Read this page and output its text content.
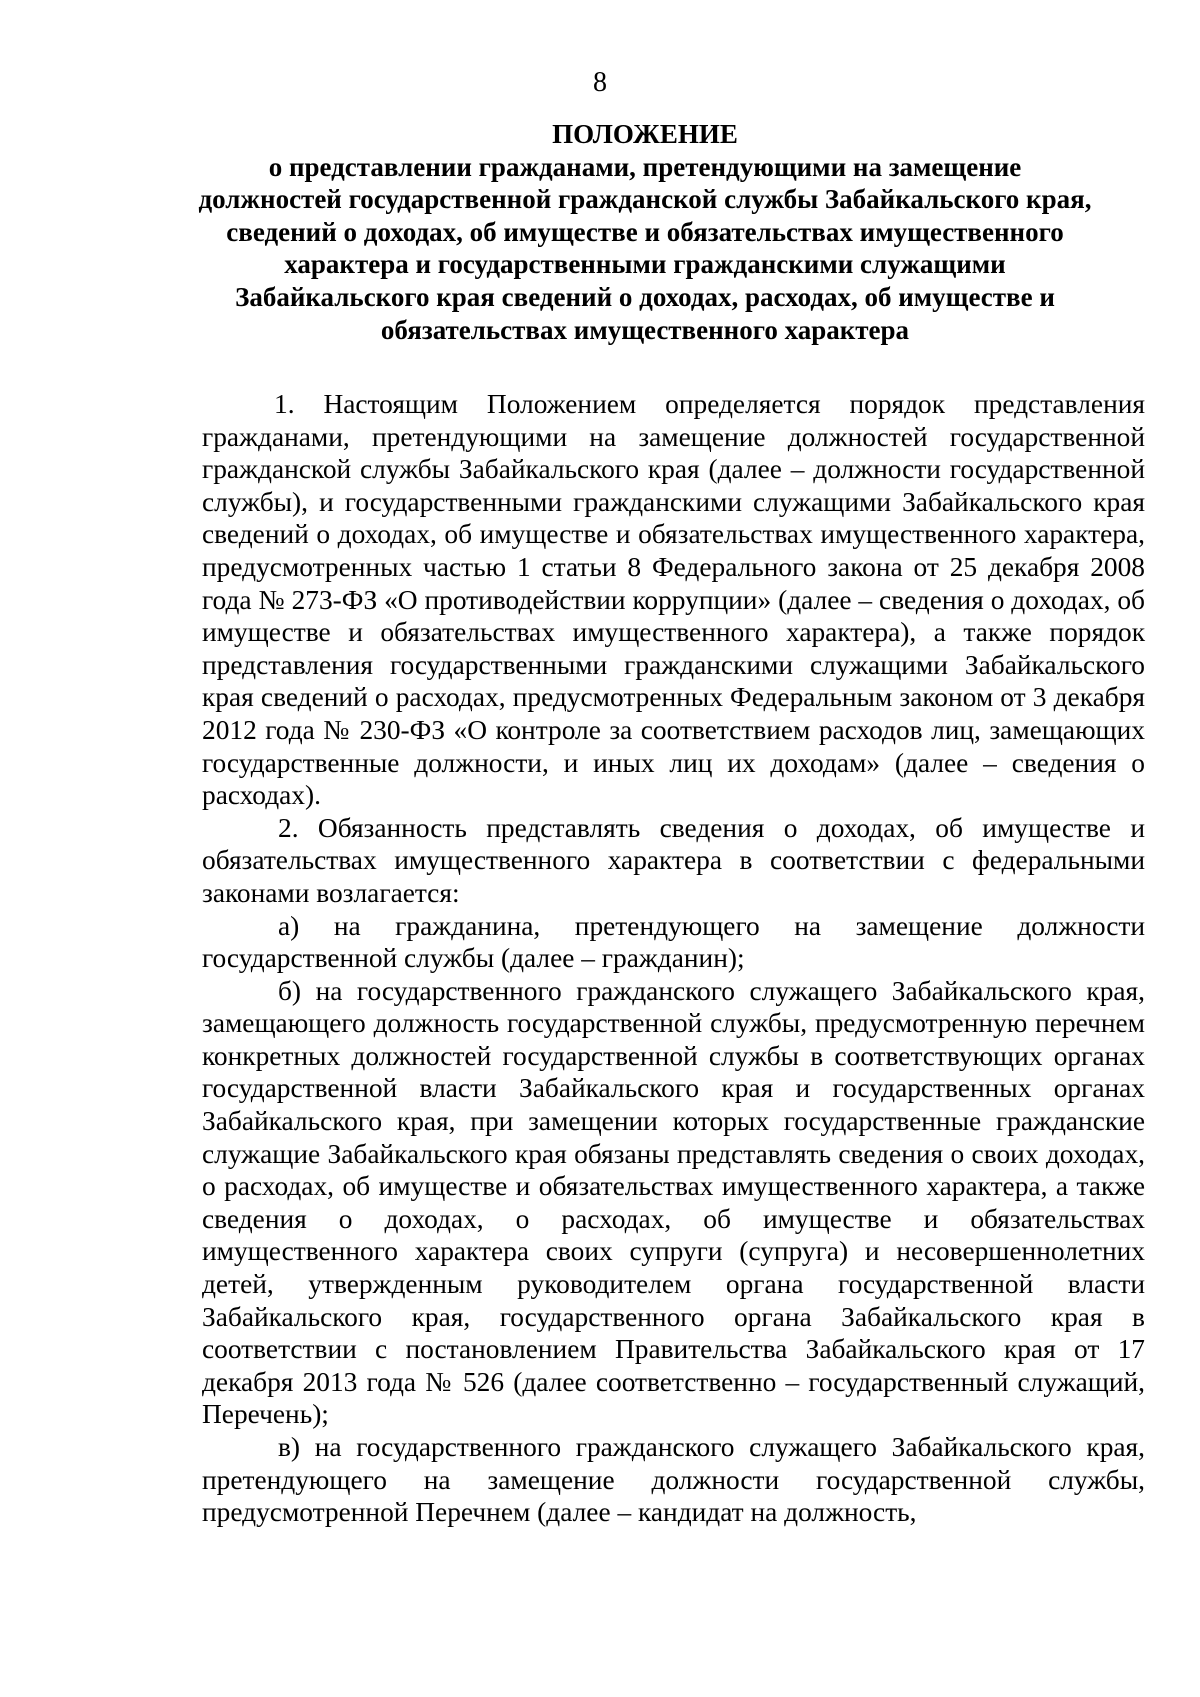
8
ПОЛОЖЕНИЕ
о представлении гражданами, претендующими на замещение
должностей государственной гражданской службы Забайкальского края,
сведений о доходах, об имуществе и обязательствах имущественного
характера и государственными гражданскими служащими
Забайкальского края сведений о доходах, расходах, об имуществе и
обязательствах имущественного характера

1. Настоящим Положением определяется порядок представления гражданами, претендующими на замещение должностей государственной гражданской службы Забайкальского края (далее – должности государственной службы), и государственными гражданскими служащими Забайкальского края сведений о доходах, об имуществе и обязательствах имущественного характера, предусмотренных частью 1 статьи 8 Федерального закона от 25 декабря 2008 года № 273-ФЗ «О противодействии коррупции» (далее – сведения о доходах, об имуществе и обязательствах имущественного характера), а также порядок представления государственными гражданскими служащими Забайкальского края сведений о расходах, предусмотренных Федеральным законом от 3 декабря 2012 года № 230-ФЗ «О контроле за соответствием расходов лиц, замещающих государственные должности, и иных лиц их доходам» (далее – сведения о расходах).

2. Обязанность представлять сведения о доходах, об имуществе и обязательствах имущественного характера в соответствии с федеральными законами возлагается:

а) на гражданина, претендующего на замещение должности государственной службы (далее – гражданин);

б) на государственного гражданского служащего Забайкальского края, замещающего должность государственной службы, предусмотренную перечнем конкретных должностей государственной службы в соответствующих органах государственной власти Забайкальского края и государственных органах Забайкальского края, при замещении которых государственные гражданские служащие Забайкальского края обязаны представлять сведения о своих доходах, о расходах, об имуществе и обязательствах имущественного характера, а также сведения о доходах, о расходах, об имуществе и обязательствах имущественного характера своих супруги (супруга) и несовершеннолетних детей, утвержденным руководителем органа государственной власти Забайкальского края, государственного органа Забайкальского края в соответствии с постановлением Правительства Забайкальского края от 17 декабря 2013 года № 526 (далее соответственно – государственный служащий, Перечень);

в) на государственного гражданского служащего Забайкальского края, претендующего на замещение должности государственной службы, предусмотренной Перечнем (далее – кандидат на должность,
